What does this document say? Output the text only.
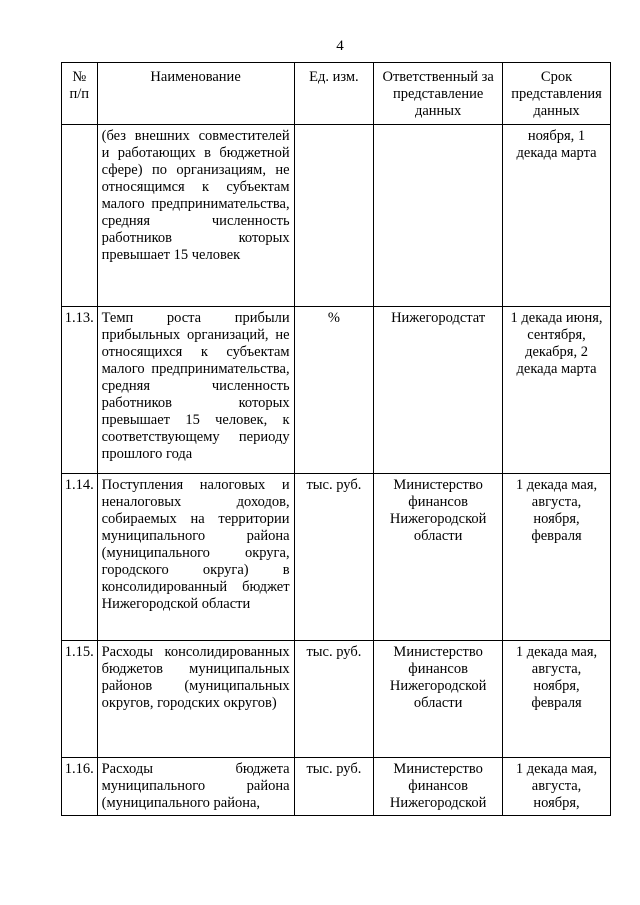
4
№ п/п	Наименование	Ед. изм.	Ответственный за представление данных	Срок представления данных
	(без внешних совместителей и работающих в бюджетной сфере) по организациям, не относящимся к субъектам малого предпринимательства, средняя численность работников которых превышает 15 человек			ноября, 1 декада марта
1.13.	Темп роста прибыли прибыльных организаций, не относящихся к субъектам малого предпринимательства, средняя численность работников которых превышает 15 человек, к соответствующему периоду прошлого года	%	Нижегородстат	1 декада июня, сентября, декабря, 2 декада марта
1.14.	Поступления налоговых и неналоговых доходов, собираемых на территории муниципального района (муниципального округа, городского округа) в консолидированный бюджет Нижегородской области	тыс. руб.	Министерство финансов Нижегородской области	1 декада мая, августа, ноября, февраля
1.15.	Расходы консолидированных бюджетов муниципальных районов (муниципальных округов, городских округов)	тыс. руб.	Министерство финансов Нижегородской области	1 декада мая, августа, ноября, февраля
1.16.	Расходы бюджета муниципального района (муниципального района,	тыс. руб.	Министерство финансов Нижегородской	1 декада мая, августа, ноября,
